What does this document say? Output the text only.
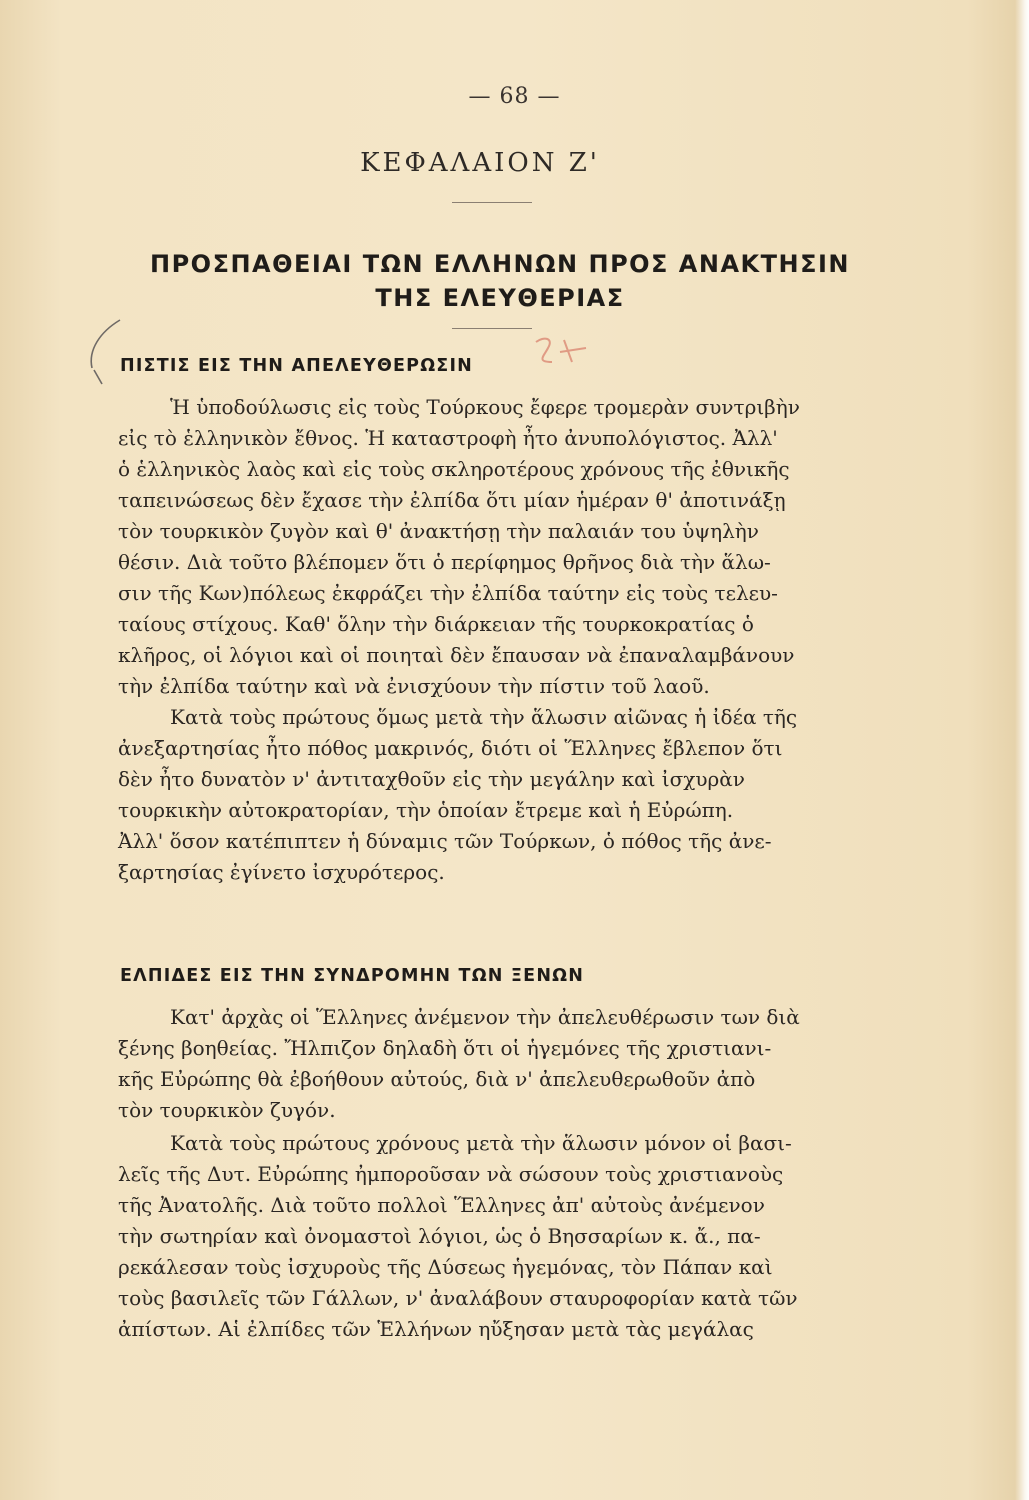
— 68 —
ΚΕΦΑΛΑΙΟΝ Ζ'
ΠΡΟΣΠΑΘΕΙΑΙ ΤΩΝ ΕΛΛΗΝΩΝ ΠΡΟΣ ΑΝΑΚΤΗΣΙΝ
ΤΗΣ ΕΛΕΥΘΕΡΙΑΣ
ΠΙΣΤΙΣ ΕΙΣ ΤΗΝ ΑΠΕΛΕΥΘΕΡΩΣΙΝ
Ἡ ὑποδούλωσις εἰς τοὺς Τούρκους ἔφερε τρομερὰν συντριβὴν
εἰς τὸ ἑλληνικὸν ἔθνος. Ἡ καταστροφὴ ἦτο ἀνυπολόγιστος. Ἀλλ'
ὁ ἑλληνικὸς λαὸς καὶ εἰς τοὺς σκληροτέρους χρόνους τῆς ἐθνικῆς
ταπεινώσεως δὲν ἔχασε τὴν ἐλπίδα ὅτι μίαν ἡμέραν θ' ἀποτινάξῃ
τὸν τουρκικὸν ζυγὸν καὶ θ' ἀνακτήσῃ τὴν παλαιάν του ὑψηλὴν
θέσιν. Διὰ τοῦτο βλέπομεν ὅτι ὁ περίφημος θρῆνος διὰ τὴν ἅλω-
σιν τῆς Κων)πόλεως ἐκφράζει τὴν ἐλπίδα ταύτην εἰς τοὺς τελευ-
ταίους στίχους. Καθ' ὅλην τὴν διάρκειαν τῆς τουρκοκρατίας ὁ
κλῆρος, οἱ λόγιοι καὶ οἱ ποιηταὶ δὲν ἔπαυσαν νὰ ἐπαναλαμβάνουν
τὴν ἐλπίδα ταύτην καὶ νὰ ἐνισχύουν τὴν πίστιν τοῦ λαοῦ.
Κατὰ τοὺς πρώτους ὅμως μετὰ τὴν ἅλωσιν αἰῶνας ἡ ἰδέα τῆς
ἀνεξαρτησίας ἦτο πόθος μακρινός, διότι οἱ Ἕλληνες ἔβλεπον ὅτι
δὲν ἦτο δυνατὸν ν' ἀντιταχθοῦν εἰς τὴν μεγάλην καὶ ἰσχυρὰν
τουρκικὴν αὐτοκρατορίαν, τὴν ὁποίαν ἔτρεμε καὶ ἡ Εὐρώπη.
Ἀλλ' ὅσον κατέπιπτεν ἡ δύναμις τῶν Τούρκων, ὁ πόθος τῆς ἀνε-
ξαρτησίας ἐγίνετο ἰσχυρότερος.
ΕΛΠΙΔΕΣ ΕΙΣ ΤΗΝ ΣΥΝΔΡΟΜΗΝ ΤΩΝ ΞΕΝΩΝ
Κατ' ἀρχὰς οἱ Ἕλληνες ἀνέμενον τὴν ἀπελευθέρωσιν των διὰ
ξένης βοηθείας. Ἤλπιζον δηλαδὴ ὅτι οἱ ἡγεμόνες τῆς χριστιανι-
κῆς Εὐρώπης θὰ ἐβοήθουν αὐτούς, διὰ ν' ἀπελευθερωθοῦν ἀπὸ
τὸν τουρκικὸν ζυγόν.
Κατὰ τοὺς πρώτους χρόνους μετὰ τὴν ἅλωσιν μόνον οἱ βασι-
λεῖς τῆς Δυτ. Εὐρώπης ἠμποροῦσαν νὰ σώσουν τοὺς χριστιανοὺς
τῆς Ἀνατολῆς. Διὰ τοῦτο πολλοὶ Ἕλληνες ἀπ' αὐτοὺς ἀνέμενον
τὴν σωτηρίαν καὶ ὀνομαστοὶ λόγιοι, ὡς ὁ Βησσαρίων κ. ἄ., πα-
ρεκάλεσαν τοὺς ἰσχυροὺς τῆς Δύσεως ἡγεμόνας, τὸν Πάπαν καὶ
τοὺς βασιλεῖς τῶν Γάλλων, ν' ἀναλάβουν σταυροφορίαν κατὰ τῶν
ἀπίστων. Αἱ ἐλπίδες τῶν Ἑλλήνων ηὔξησαν μετὰ τὰς μεγάλας
